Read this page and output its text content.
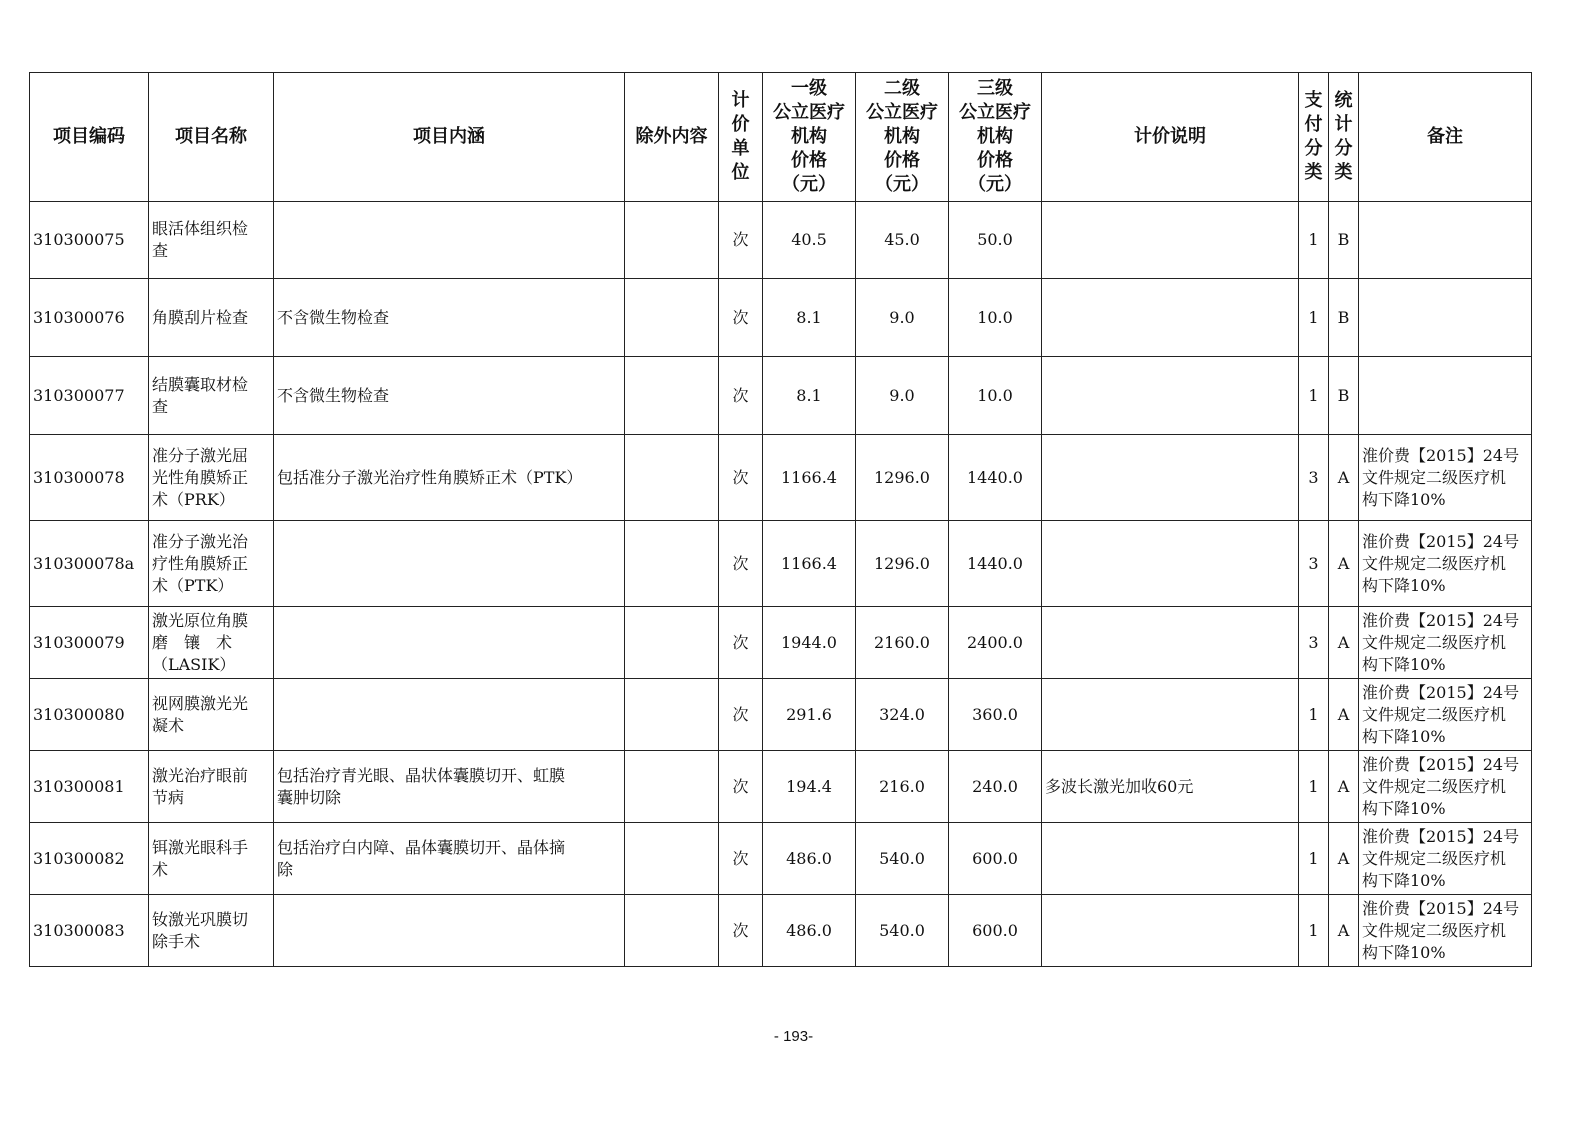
项目编码	项目名称	项目内涵	除外内容	计
价
单
位	一级
公立医疗
机构
价格
（元）	二级
公立医疗
机构
价格
（元）	三级
公立医疗
机构
价格
（元）	计价说明	支
付
分
类	统
计
分
类	备注
310300075	眼活体组织检
查			次	40.5	45.0	50.0		1	B	
310300076	角膜刮片检查	不含微生物检查		次	8.1	9.0	10.0		1	B	
310300077	结膜囊取材检
查	不含微生物检查		次	8.1	9.0	10.0		1	B	
310300078	准分子激光屈
光性角膜矫正
术（PRK）	包括准分子激光治疗性角膜矫正术（PTK）		次	1166.4	1296.0	1440.0		3	A	淮价费【2015】24号
文件规定二级医疗机
构下降10%
310300078a	准分子激光治
疗性角膜矫正
术（PTK）			次	1166.4	1296.0	1440.0		3	A	淮价费【2015】24号
文件规定二级医疗机
构下降10%
310300079	激光原位角膜
磨　镶　术
（LASIK）			次	1944.0	2160.0	2400.0		3	A	淮价费【2015】24号
文件规定二级医疗机
构下降10%
310300080	视网膜激光光
凝术			次	291.6	324.0	360.0		1	A	淮价费【2015】24号
文件规定二级医疗机
构下降10%
310300081	激光治疗眼前
节病	包括治疗青光眼、晶状体囊膜切开、虹膜
囊肿切除		次	194.4	216.0	240.0	多波长激光加收60元	1	A	淮价费【2015】24号
文件规定二级医疗机
构下降10%
310300082	铒激光眼科手
术	包括治疗白内障、晶体囊膜切开、晶体摘
除		次	486.0	540.0	600.0		1	A	淮价费【2015】24号
文件规定二级医疗机
构下降10%
310300083	钕激光巩膜切
除手术			次	486.0	540.0	600.0		1	A	淮价费【2015】24号
文件规定二级医疗机
构下降10%
- 193-
